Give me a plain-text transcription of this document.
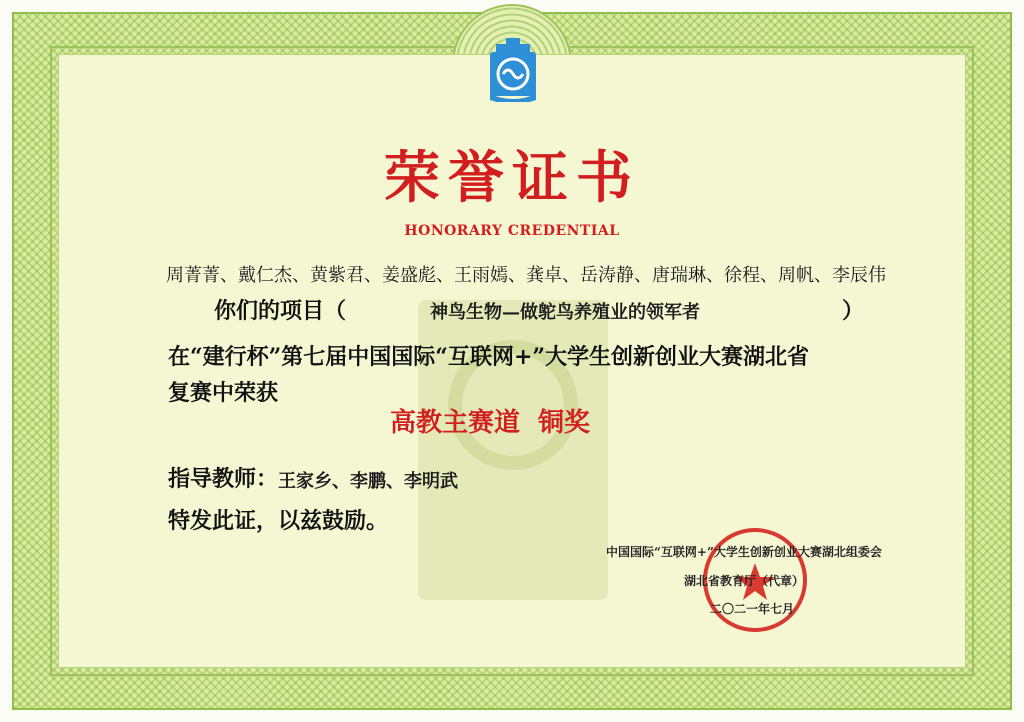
荣誉证书
HONORARY CREDENTIAL
周菁菁、戴仁杰、黄紫君、姜盛彪、王雨嫣、龚卓、岳涛静、唐瑞琳、徐程、周帆、李辰伟
你们的项目（	神鸟生物—做鸵鸟养殖业的领军者	）
在“建行杯”第七届中国国际“互联网+”大学生创新创业大赛湖北省
复赛中荣获
高教主赛道 铜奖
指导教师： 王家乡、李鹏、李明武
特发此证，以兹鼓励。
中国国际“互联网+”大学生创新创业大赛湖北组委会
湖北省教育厅（代章）
二〇二一年七月
